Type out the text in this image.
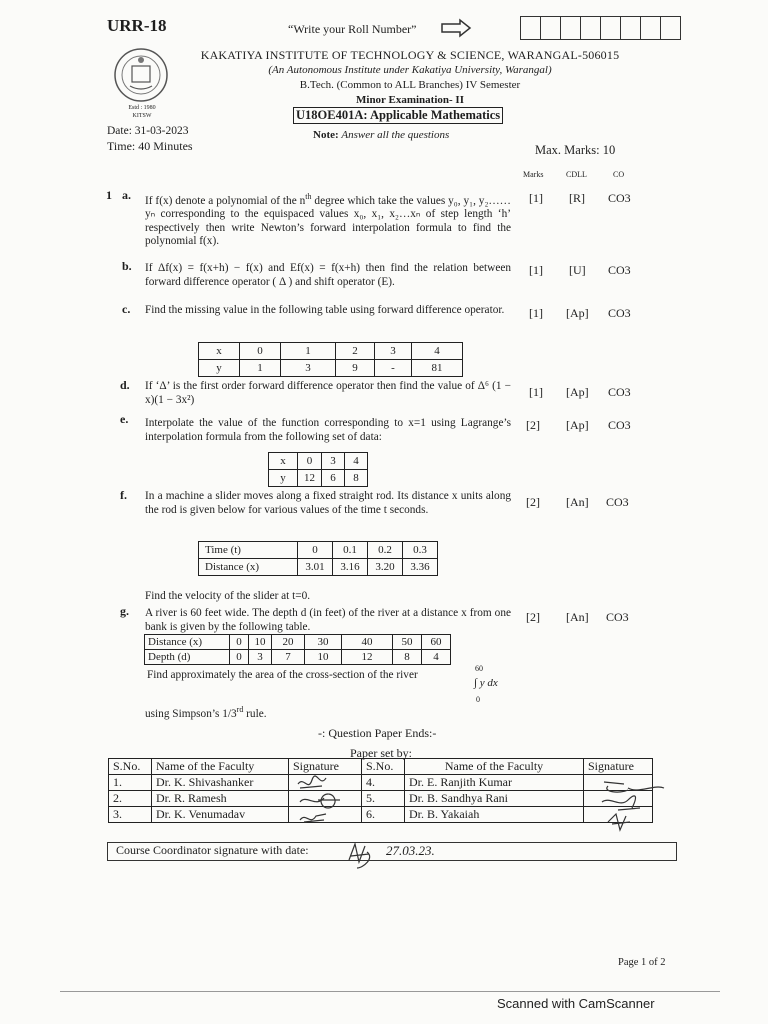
URR-18	“Write your Roll Number”
Estd : 1980
KITSW
KAKATIYA INSTITUTE OF TECHNOLOGY & SCIENCE, WARANGAL-506015
(An Autonomous Institute under Kakatiya University, Warangal)
B.Tech. (Common to ALL Branches) IV Semester
Minor Examination- II
U18OE401A: Applicable Mathematics
Date: 31-03-2023
Time: 40 Minutes
Note: Answer all the questions
Max. Marks: 10
Marks	CDLL	CO
1 a. If f(x) denote a polynomial of the $n^{th}$ degree which take the values y₀, y₁, y₂……yₙ corresponding to the equispaced values x₀, x₁, x₂…xₙ of step length ‘h’ respectively then write Newton’s forward interpolation formula to find the polynomial f(x).
[1] [R] CO3
b. If Δf(x) = f(x+h) − f(x) and Ef(x) = f(x+h) then find the relation between forward difference operator ( Δ ) and shift operator (E).
[1] [U] CO3
c. Find the missing value in the following table using forward difference operator.	[1] [Ap] CO3
x	0	1	2	3	4
y	1	3	9	-	81
d. If ‘Δ’ is the first order forward difference operator then find the value of Δ⁶ (1 − x)(1 − 3x²)
[1] [Ap] CO3
e. Interpolate the value of the function corresponding to x=1 using Lagrange’s interpolation formula from the following set of data:
[2] [Ap] CO3
x	0	3	4
y	12	6	8
f. In a machine a slider moves along a fixed straight rod. Its distance x units along the rod is given below for various values of the time t seconds.
[2] [An] CO3
Time (t)	0	0.1	0.2	0.3
Distance (x)	3.01	3.16	3.20	3.36
Find the velocity of the slider at t=0.
g. A river is 60 feet wide. The depth d (in feet) of the river at a distance x from one bank is given by the following table.
[2] [An] CO3
Distance (x)	0	10	20	30	40	50	60
Depth (d)	0	3	7	10	12	8	4
Find approximately the area of the cross-section of the river
60
∫ y dx
0
using Simpson’s 1/3rd rule.
-: Question Paper Ends:-
Paper set by:
S.No.	Name of the Faculty	Signature	S.No.	Name of the Faculty	Signature
1.	Dr. K. Shivashanker		4.	Dr. E. Ranjith Kumar	
2.	Dr. R. Ramesh		5.	Dr. B. Sandhya Rani	
3.	Dr. K. Venumadav		6.	Dr. B. Yakaiah	
Course Coordinator signature with date:	27.03.23.
Page 1 of 2
Scanned with CamScanner
